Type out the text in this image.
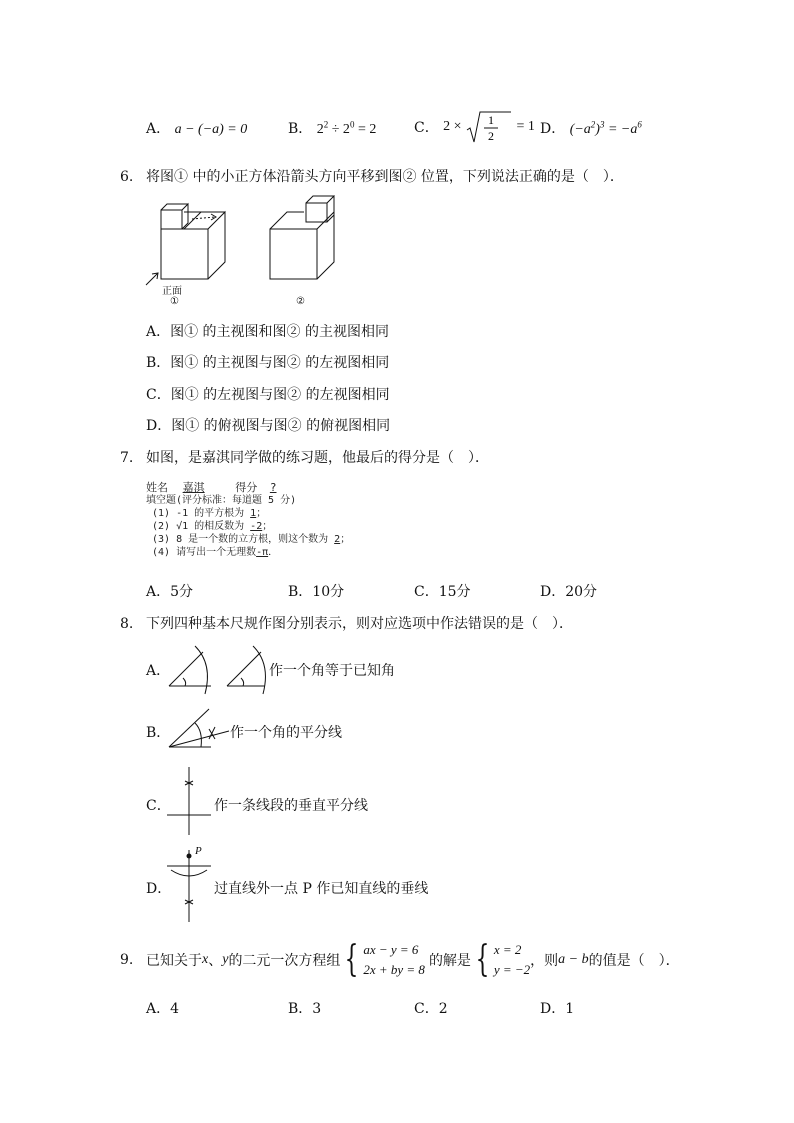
A． a − (−a) = 0	B． $2^2 \div 2^0 = 2$	C． 2 × 1
2
= 1 D． $(-a^2)^3 = -a^6$
6. 将图① 中的小正方体沿箭头方向平移到图② 位置，下列说法正确的是（　）．
正面
①	②
A．图① 的主视图和图② 的主视图相同
B．图① 的主视图与图② 的左视图相同
C．图① 的左视图与图② 的左视图相同
D．图① 的俯视图与图② 的俯视图相同
7. 如图，是嘉淇同学做的练习题，他最后的得分是（　）．
姓名 嘉淇	得分 ?
填空题(评分标准：每道题 5 分)
(1) -1 的平方根为 1；
(2) √1 的相反数为 -2；
(3) 8 是一个数的立方根，则这个数为 2；
(4) 请写出一个无理数-π．
A．5分	B．10分	C．15分	D．20分
8. 下列四种基本尺规作图分别表示，则对应选项中作法错误的是（　）．
A．	作一个角等于已知角
B．	作一个角的平分线
C．	作一条线段的垂直平分线
D．
P
过直线外一点 P 作已知直线的垂线
9. 已知关于 x 、 y 的二元一次方程组 { ax − y = 6
2x + by = 8
的解是 { x = 2
y = −2
，则 a − b 的值是（　）．
A．4	B．3	C．2	D．1
